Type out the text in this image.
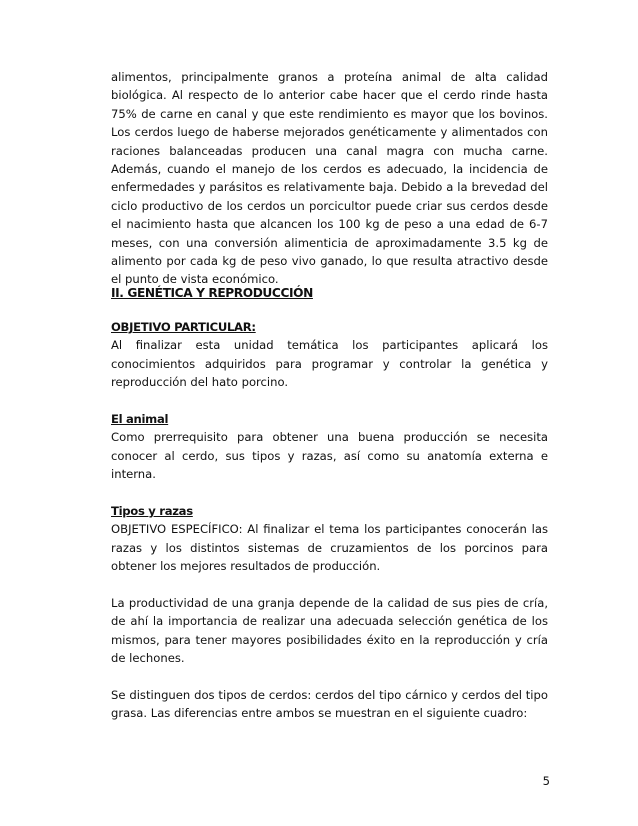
alimentos, principalmente granos a proteína animal de alta calidad biológica. Al respecto de lo anterior cabe hacer que el cerdo rinde hasta 75% de carne en canal y que este rendimiento es mayor que los bovinos. Los cerdos luego de haberse mejorados genéticamente y alimentados con raciones balanceadas producen una canal magra con mucha carne. Además, cuando el manejo de los cerdos es adecuado, la incidencia de enfermedades y parásitos es relativamente baja. Debido a la brevedad del ciclo productivo de los cerdos un porcicultor puede criar sus cerdos desde el nacimiento hasta que alcancen los 100 kg de peso a una edad de 6-7 meses, con una conversión alimenticia de aproximadamente 3.5 kg de alimento por cada kg de peso vivo ganado, lo que resulta atractivo desde el punto de vista económico.

II. GENÉTICA Y REPRODUCCIÓN

OBJETIVO PARTICULAR:

Al finalizar esta unidad temática los participantes aplicará los conocimientos adquiridos para programar y controlar la genética y reproducción del hato porcino.

El animal

Como prerrequisito para obtener una buena producción se necesita conocer al cerdo, sus tipos y razas, así como su anatomía externa e interna.

Tipos y razas

OBJETIVO ESPECÍFICO: Al finalizar el tema los participantes conocerán las razas y los distintos sistemas de cruzamientos de los porcinos para obtener los mejores resultados de producción.

La productividad de una granja depende de la calidad de sus pies de cría, de ahí la importancia de realizar una adecuada selección genética de los mismos, para tener mayores posibilidades éxito en la reproducción y cría de lechones.

Se distinguen dos tipos de cerdos: cerdos del tipo cárnico y cerdos del tipo grasa. Las diferencias entre ambos se muestran en el siguiente cuadro:

5
